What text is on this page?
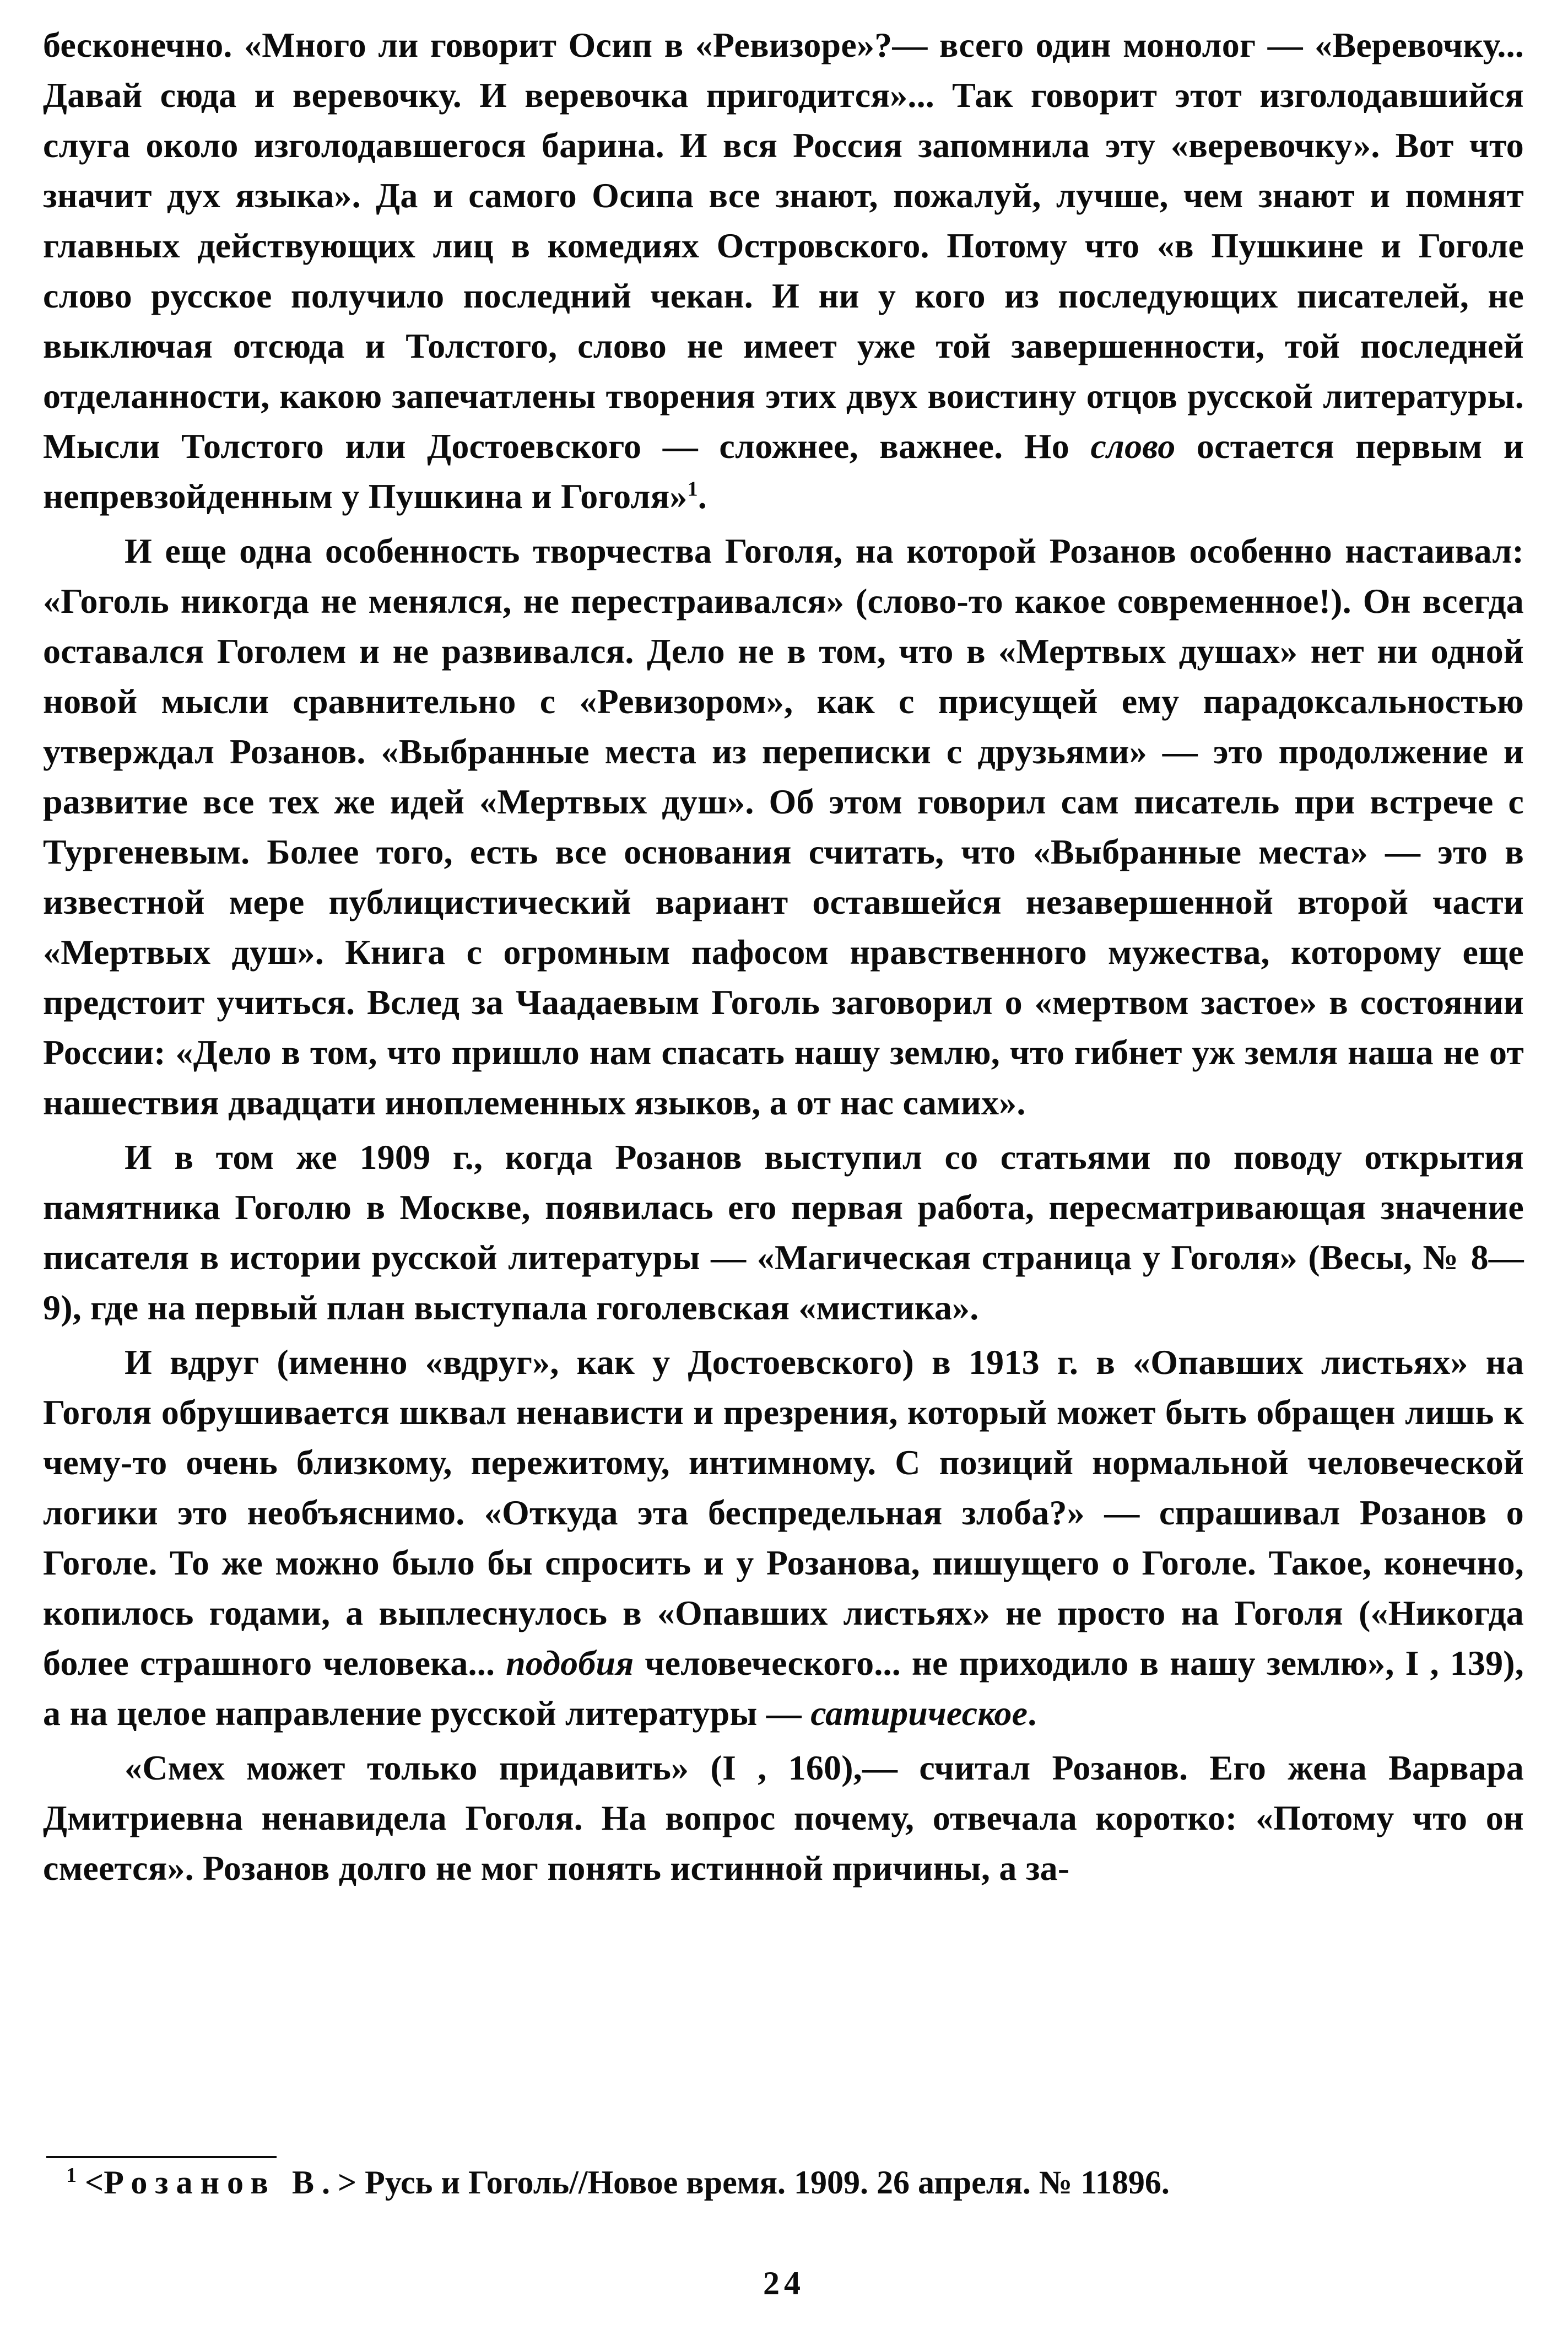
бесконечно. «Много ли говорит Осип в «Ревизоре»?— всего один монолог — «Веревочку... Давай сюда и веревочку. И веревочка пригодится»... Так говорит этот изголодавшийся слуга около изголодавшегося барина. И вся Россия запомнила эту «веревочку». Вот что значит дух языка». Да и самого Осипа все знают, пожалуй, лучше, чем знают и помнят главных действующих лиц в комедиях Островского. Потому что «в Пушкине и Гоголе слово русское получило последний чекан. И ни у кого из последующих писателей, не выключая отсюда и Толстого, слово не имеет уже той завершенности, той последней отделанности, какою запечатлены творения этих двух воистину отцов русской литературы. Мысли Толстого или Достоевского — сложнее, важнее. Но слово остается первым и непревзойденным у Пушкина и Гоголя»$^1$.

И еще одна особенность творчества Гоголя, на которой Розанов особенно настаивал: «Гоголь никогда не менялся, не перестраивался» (слово-то какое современное!). Он всегда оставался Гоголем и не развивался. Дело не в том, что в «Мертвых душах» нет ни одной новой мысли сравнительно с «Ревизором», как с присущей ему парадоксальностью утверждал Розанов. «Выбранные места из переписки с друзьями» — это продолжение и развитие все тех же идей «Мертвых душ». Об этом говорил сам писатель при встрече с Тургеневым. Более того, есть все основания считать, что «Выбранные места» — это в известной мере публицистический вариант оставшейся незавершенной второй части «Мертвых душ». Книга с огромным пафосом нравственного мужества, которому еще предстоит учиться. Вслед за Чаадаевым Гоголь заговорил о «мертвом застое» в состоянии России: «Дело в том, что пришло нам спасать нашу землю, что гибнет уж земля наша не от нашествия двадцати иноплеменных языков, а от нас самих».

И в том же 1909 г., когда Розанов выступил со статьями по поводу открытия памятника Гоголю в Москве, появилась его первая работа, пересматривающая значение писателя в истории русской литературы — «Магическая страница у Гоголя» (Весы, № 8—9), где на первый план выступала гоголевская «мистика».

И вдруг (именно «вдруг», как у Достоевского) в 1913 г. в «Опавших листьях» на Гоголя обрушивается шквал ненависти и презрения, который может быть обращен лишь к чему-то очень близкому, пережитому, интимному. С позиций нормальной человеческой логики это необъяснимо. «Откуда эта беспредельная злоба?» — спрашивал Розанов о Гоголе. То же можно было бы спросить и у Розанова, пишущего о Гоголе. Такое, конечно, копилось годами, а выплеснулось в «Опавших листьях» не просто на Гоголя («Никогда более страшного человека... подобия человеческого... не приходило в нашу землю», I , 139), а на целое направление русской литературы — сатирическое.

«Смех может только придавить» (I , 160),— считал Розанов. Его жена Варвара Дмитриевна ненавидела Гоголя. На вопрос почему, отвечала коротко: «Потому что он смеется». Розанов долго не мог понять истинной причины, а за-

$^1$ <Розанов В.> Русь и Гоголь//Новое время. 1909. 26 апреля. № 11896.
24
